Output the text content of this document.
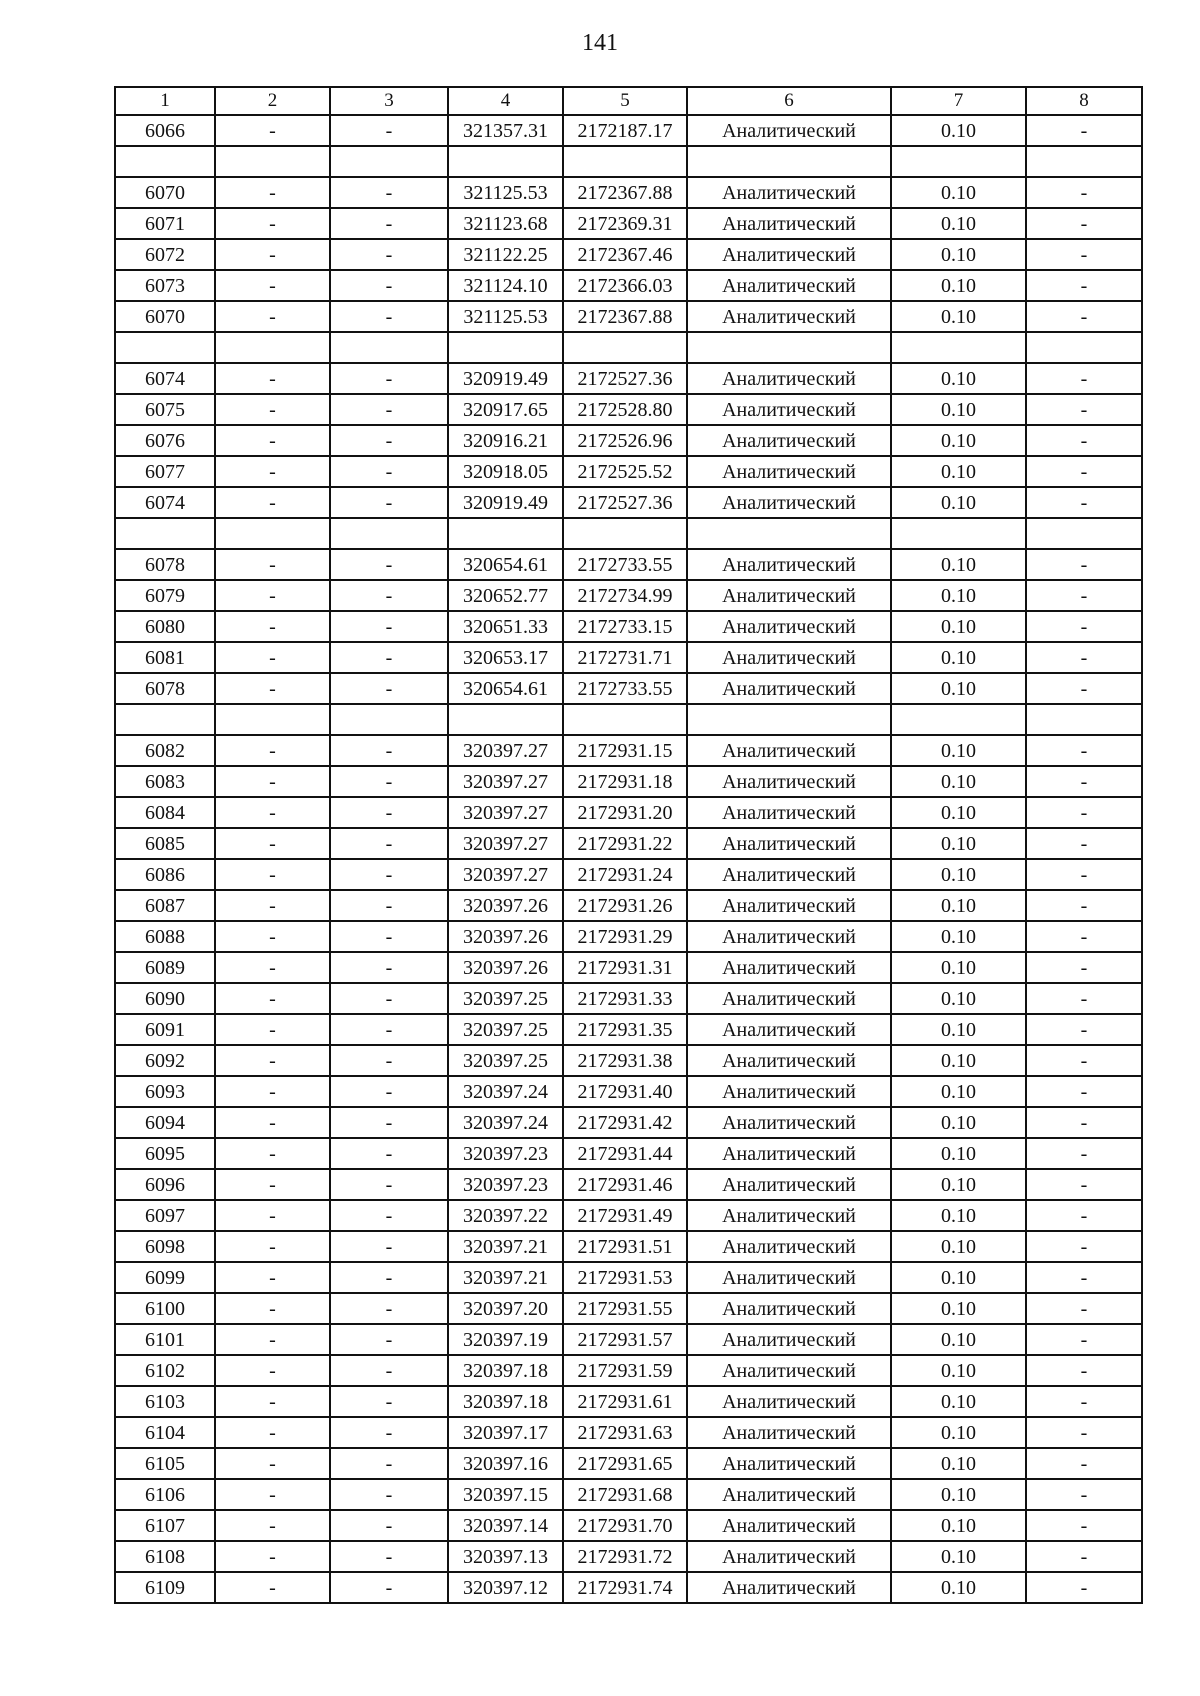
141
1	2	3	4	5	6	7	8
6066	-	-	321357.31	2172187.17	Аналитический	0.10	-

6070	-	-	321125.53	2172367.88	Аналитический	0.10	-
6071	-	-	321123.68	2172369.31	Аналитический	0.10	-
6072	-	-	321122.25	2172367.46	Аналитический	0.10	-
6073	-	-	321124.10	2172366.03	Аналитический	0.10	-
6070	-	-	321125.53	2172367.88	Аналитический	0.10	-

6074	-	-	320919.49	2172527.36	Аналитический	0.10	-
6075	-	-	320917.65	2172528.80	Аналитический	0.10	-
6076	-	-	320916.21	2172526.96	Аналитический	0.10	-
6077	-	-	320918.05	2172525.52	Аналитический	0.10	-
6074	-	-	320919.49	2172527.36	Аналитический	0.10	-

6078	-	-	320654.61	2172733.55	Аналитический	0.10	-
6079	-	-	320652.77	2172734.99	Аналитический	0.10	-
6080	-	-	320651.33	2172733.15	Аналитический	0.10	-
6081	-	-	320653.17	2172731.71	Аналитический	0.10	-
6078	-	-	320654.61	2172733.55	Аналитический	0.10	-

6082	-	-	320397.27	2172931.15	Аналитический	0.10	-
6083	-	-	320397.27	2172931.18	Аналитический	0.10	-
6084	-	-	320397.27	2172931.20	Аналитический	0.10	-
6085	-	-	320397.27	2172931.22	Аналитический	0.10	-
6086	-	-	320397.27	2172931.24	Аналитический	0.10	-
6087	-	-	320397.26	2172931.26	Аналитический	0.10	-
6088	-	-	320397.26	2172931.29	Аналитический	0.10	-
6089	-	-	320397.26	2172931.31	Аналитический	0.10	-
6090	-	-	320397.25	2172931.33	Аналитический	0.10	-
6091	-	-	320397.25	2172931.35	Аналитический	0.10	-
6092	-	-	320397.25	2172931.38	Аналитический	0.10	-
6093	-	-	320397.24	2172931.40	Аналитический	0.10	-
6094	-	-	320397.24	2172931.42	Аналитический	0.10	-
6095	-	-	320397.23	2172931.44	Аналитический	0.10	-
6096	-	-	320397.23	2172931.46	Аналитический	0.10	-
6097	-	-	320397.22	2172931.49	Аналитический	0.10	-
6098	-	-	320397.21	2172931.51	Аналитический	0.10	-
6099	-	-	320397.21	2172931.53	Аналитический	0.10	-
6100	-	-	320397.20	2172931.55	Аналитический	0.10	-
6101	-	-	320397.19	2172931.57	Аналитический	0.10	-
6102	-	-	320397.18	2172931.59	Аналитический	0.10	-
6103	-	-	320397.18	2172931.61	Аналитический	0.10	-
6104	-	-	320397.17	2172931.63	Аналитический	0.10	-
6105	-	-	320397.16	2172931.65	Аналитический	0.10	-
6106	-	-	320397.15	2172931.68	Аналитический	0.10	-
6107	-	-	320397.14	2172931.70	Аналитический	0.10	-
6108	-	-	320397.13	2172931.72	Аналитический	0.10	-
6109	-	-	320397.12	2172931.74	Аналитический	0.10	-
